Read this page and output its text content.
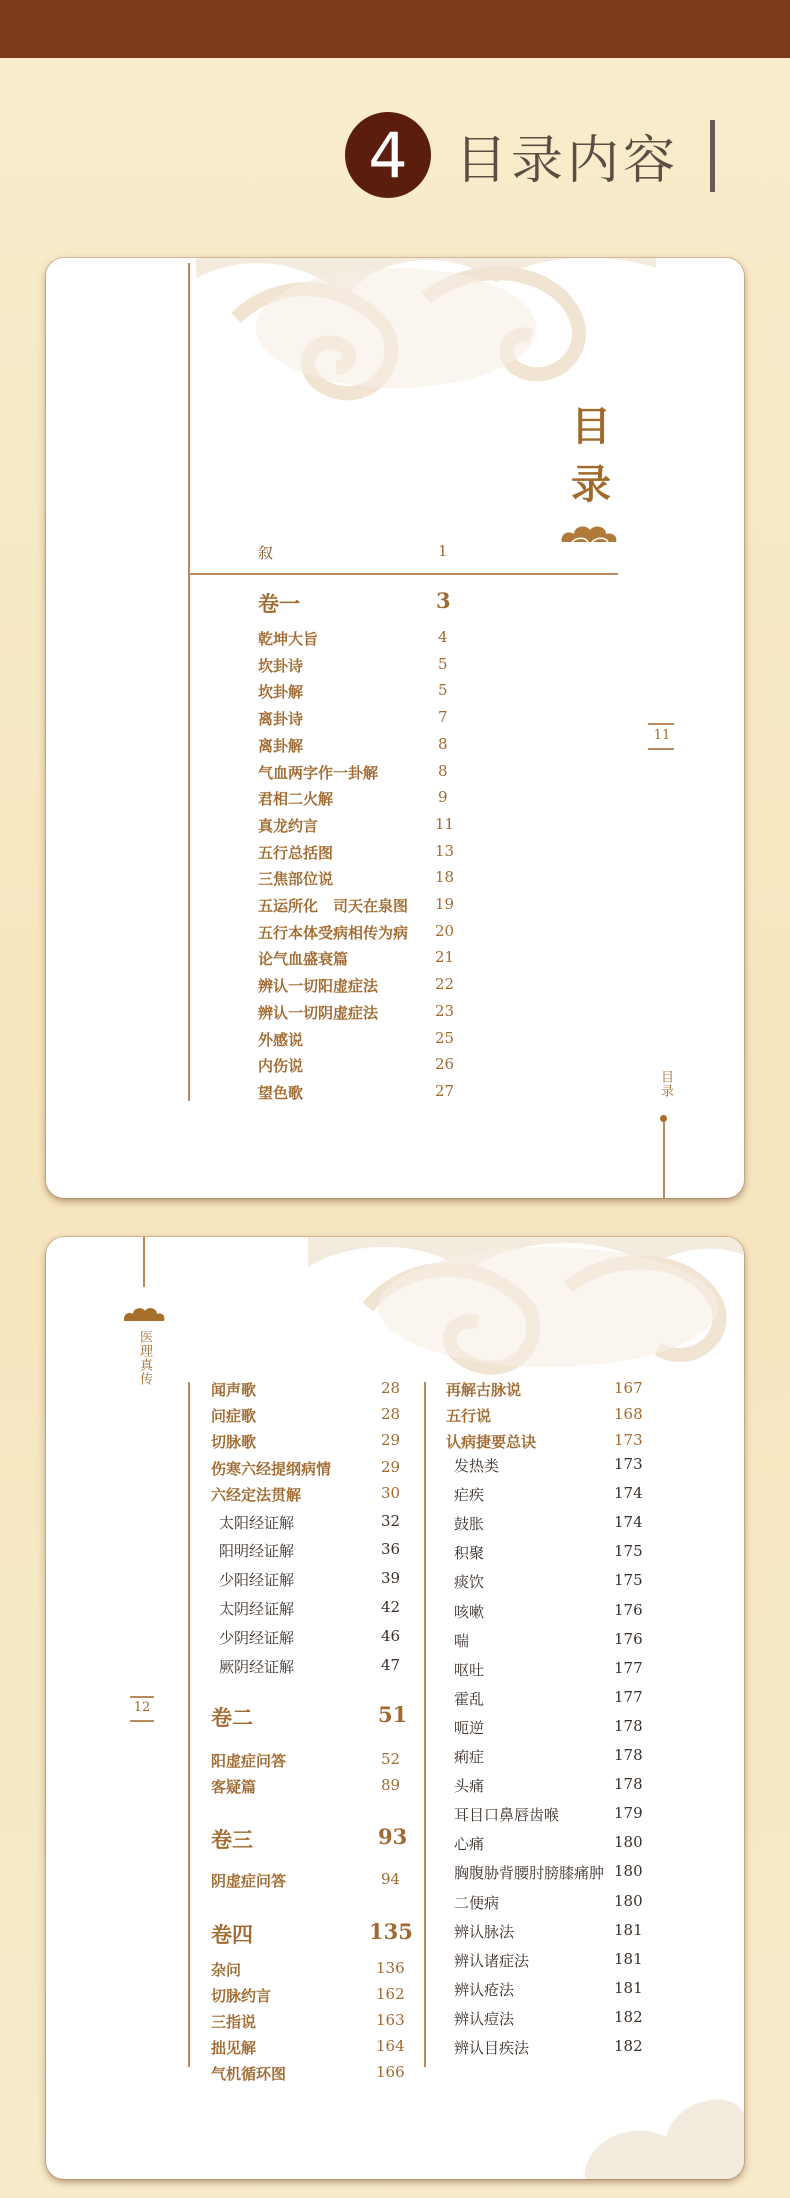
4 目录内容
目
录
叙	1
卷一	3
乾坤大旨	4
坎卦诗	5
坎卦解	5
离卦诗	7
离卦解	8
气血两字作一卦解	8
君相二火解	9
真龙约言	11
五行总括图	13
三焦部位说	18
五运所化　司天在泉图 19
五行本体受病相传为病 20
论气血盛衰篇	21
辨认一切阳虚症法	22
辨认一切阴虚症法	23
外感说	25
内伤说	26
望色歌	27
11
目录
医理真传
12
闻声歌	28
问症歌	28
切脉歌	29
伤寒六经提纲病情	29
六经定法贯解	30
太阳经证解	32
阳明经证解	36
少阳经证解	39
太阴经证解	42
少阴经证解	46
厥阴经证解	47
卷二	51
阳虚症问答	52
客疑篇	89
卷三	93
阴虚症问答	94
卷四	135
杂问	136
切脉约言	162
三指说	163
拙见解	164
气机循环图	166
再解古脉说	167
五行说	168
认病捷要总诀	173
发热类	173
疟疾	174
鼓胀	174
积聚	175
痰饮	175
咳嗽	176
喘	176
呕吐	177
霍乱	177
呃逆	178
痢症	178
头痛	178
耳目口鼻唇齿喉	179
心痛	180
胸腹胁背腰肘膀膝痛肿 180
二便病	180
辨认脉法	181
辨认诸症法	181
辨认疮法	181
辨认痘法	182
辨认目疾法	182
